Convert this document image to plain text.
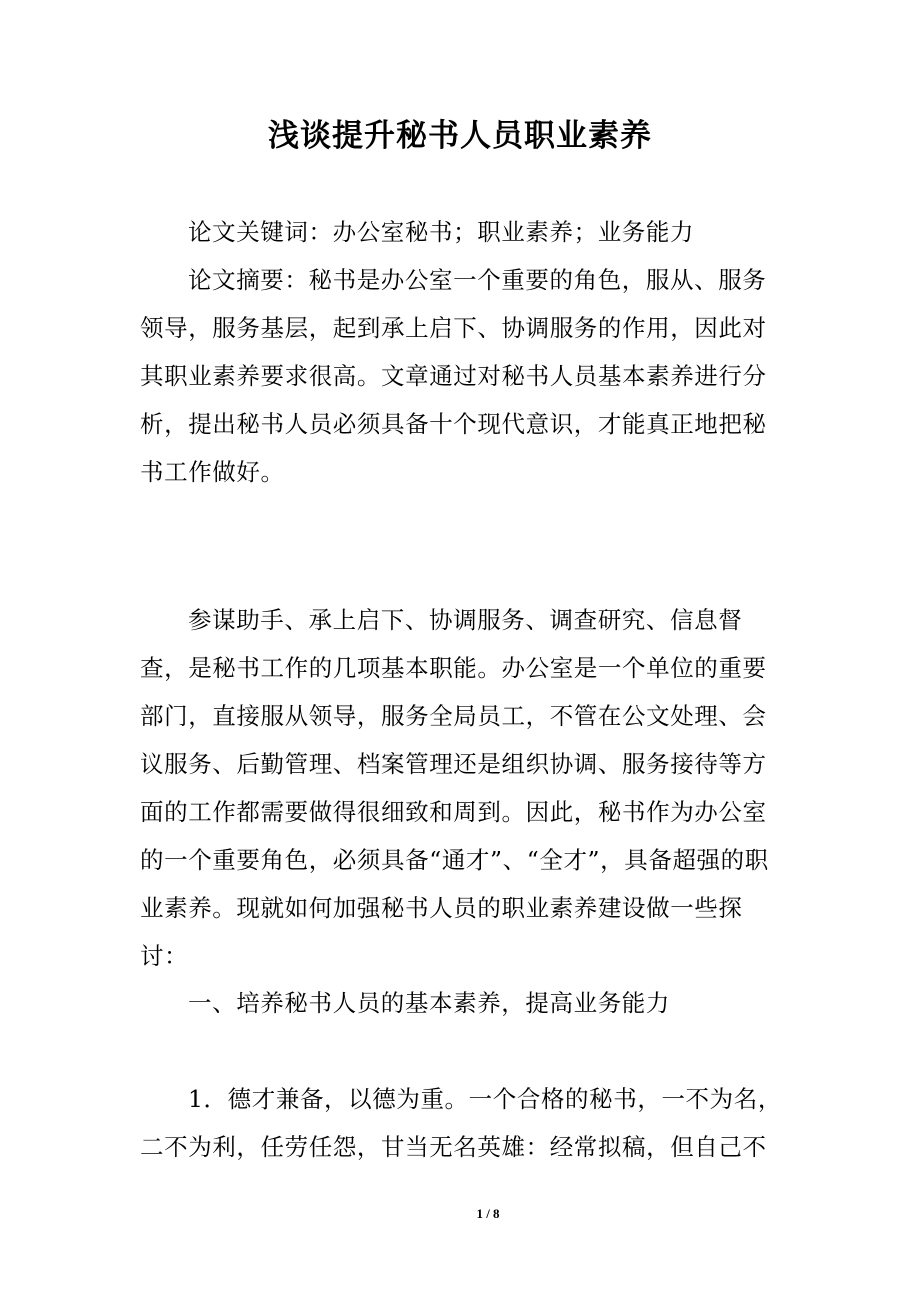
浅谈提升秘书人员职业素养

论文关键词：办公室秘书；职业素养；业务能力

论文摘要：秘书是办公室一个重要的角色，服从、服务领导，服务基层，起到承上启下、协调服务的作用，因此对其职业素养要求很高。文章通过对秘书人员基本素养进行分析，提出秘书人员必须具备十个现代意识，才能真正地把秘书工作做好。

参谋助手、承上启下、协调服务、调查研究、信息督查，是秘书工作的几项基本职能。办公室是一个单位的重要部门，直接服从领导，服务全局员工，不管在公文处理、会议服务、后勤管理、档案管理还是组织协调、服务接待等方面的工作都需要做得很细致和周到。因此，秘书作为办公室的一个重要角色，必须具备“通才”、“全才”，具备超强的职业素养。现就如何加强秘书人员的职业素养建设做一些探讨：

一、培养秘书人员的基本素养，提高业务能力

1．德才兼备，以德为重。一个合格的秘书，一不为名，二不为利，任劳任怨，甘当无名英雄：经常拟稿，但自己不

1 / 8
